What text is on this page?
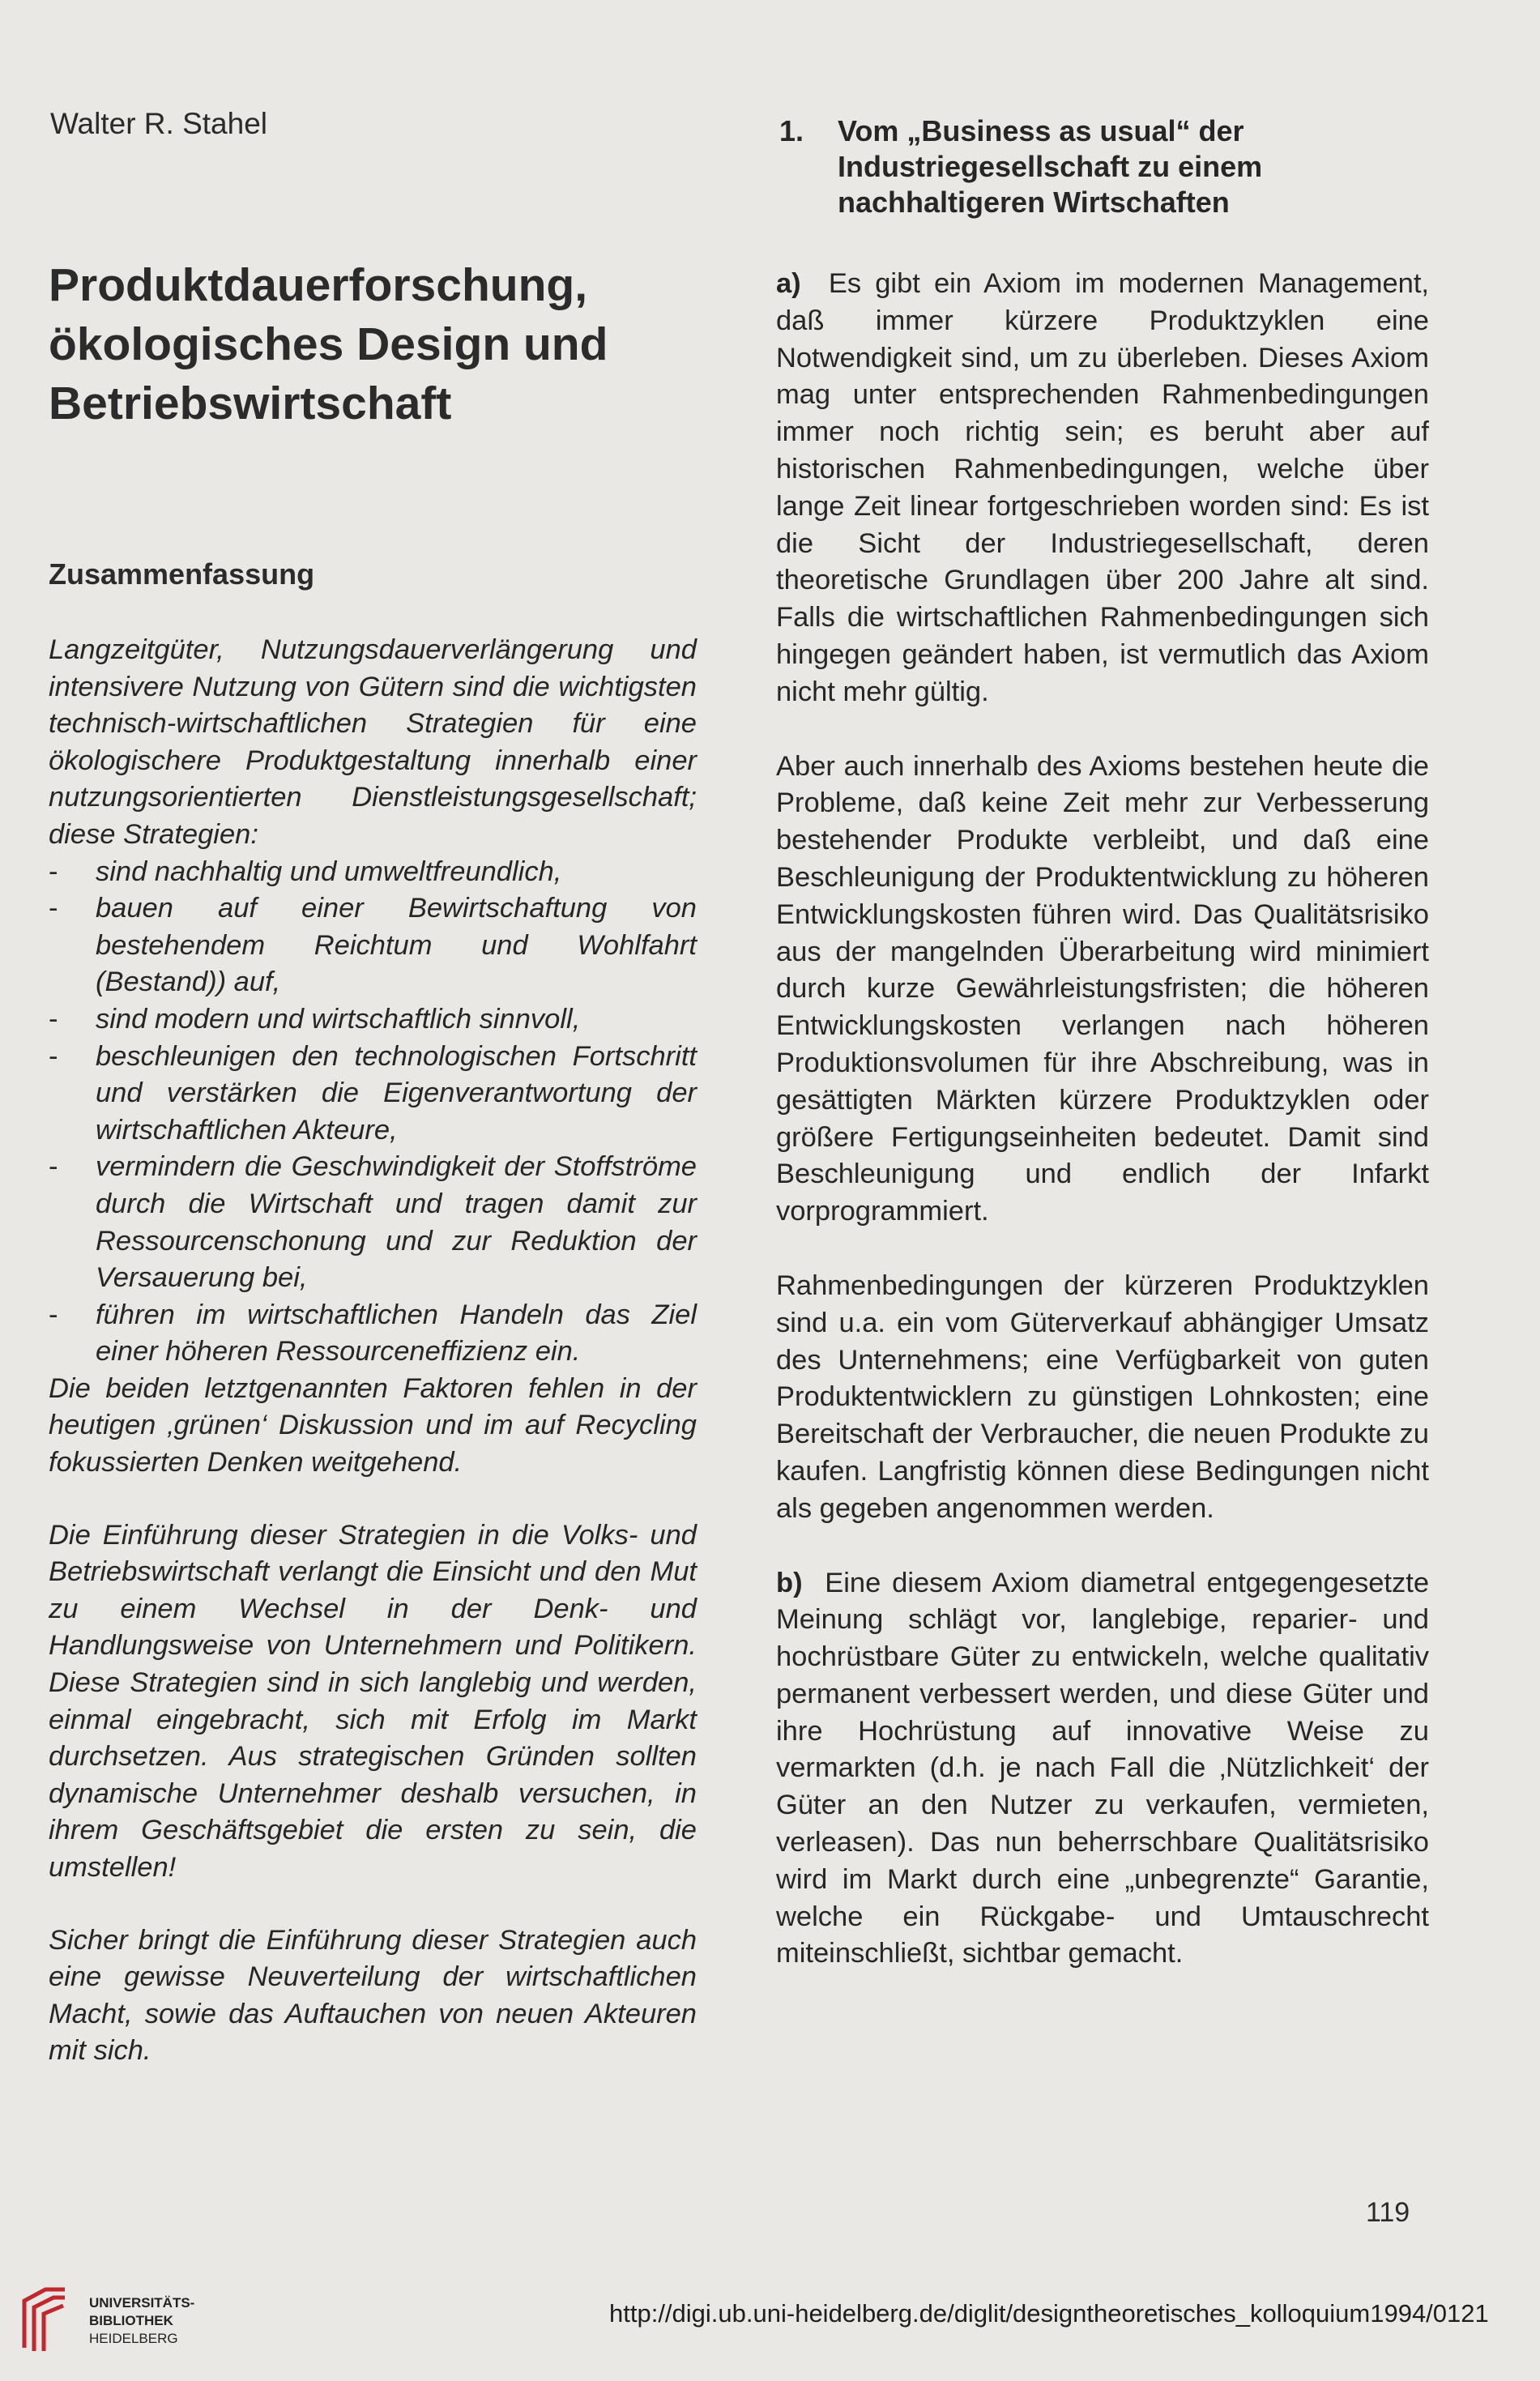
Walter R. Stahel
Produktdauerforschung,
ökologisches Design und
Betriebswirtschaft
Zusammenfassung

Langzeitgüter, Nutzungsdauerverlängerung und intensivere Nutzung von Gütern sind die wichtigsten technisch-wirtschaftlichen Strategien für eine ökologischere Produktgestaltung innerhalb einer nutzungsorientierten Dienstleistungsgesellschaft; diese Strategien:

- sind nachhaltig und umweltfreundlich,
- bauen auf einer Bewirtschaftung von bestehendem Reichtum und Wohlfahrt (Bestand)) auf,
- sind modern und wirtschaftlich sinnvoll,
- beschleunigen den technologischen Fortschritt und verstärken die Eigenverantwortung der wirtschaftlichen Akteure,
- vermindern die Geschwindigkeit der Stoffströme durch die Wirtschaft und tragen damit zur Ressourcenschonung und zur Reduktion der Versauerung bei,
- führen im wirtschaftlichen Handeln das Ziel einer höheren Ressourceneffizienz ein.

Die beiden letztgenannten Faktoren fehlen in der heutigen ‚grünen‘ Diskussion und im auf Recycling fokussierten Denken weitgehend.

Die Einführung dieser Strategien in die Volks- und Betriebswirtschaft verlangt die Einsicht und den Mut zu einem Wechsel in der Denk- und Handlungsweise von Unternehmern und Politikern. Diese Strategien sind in sich langlebig und werden, einmal eingebracht, sich mit Erfolg im Markt durchsetzen. Aus strategischen Gründen sollten dynamische Unternehmer deshalb versuchen, in ihrem Geschäftsgebiet die ersten zu sein, die umstellen!

Sicher bringt die Einführung dieser Strategien auch eine gewisse Neuverteilung der wirtschaftlichen Macht, sowie das Auftauchen von neuen Akteuren mit sich.

1. Vom „Business as usual“ der Industriegesellschaft zu einem nachhaltigeren Wirtschaften

a) Es gibt ein Axiom im modernen Management, daß immer kürzere Produktzyklen eine Notwendigkeit sind, um zu überleben. Dieses Axiom mag unter entsprechenden Rahmenbedingungen immer noch richtig sein; es beruht aber auf historischen Rahmenbedingungen, welche über lange Zeit linear fortgeschrieben worden sind: Es ist die Sicht der Industriegesellschaft, deren theoretische Grundlagen über 200 Jahre alt sind. Falls die wirtschaftlichen Rahmenbedingungen sich hingegen geändert haben, ist vermutlich das Axiom nicht mehr gültig.

Aber auch innerhalb des Axioms bestehen heute die Probleme, daß keine Zeit mehr zur Verbesserung bestehender Produkte verbleibt, und daß eine Beschleunigung der Produktentwicklung zu höheren Entwicklungskosten führen wird. Das Qualitätsrisiko aus der mangelnden Überarbeitung wird minimiert durch kurze Gewährleistungsfristen; die höheren Entwicklungskosten verlangen nach höheren Produktionsvolumen für ihre Abschreibung, was in gesättigten Märkten kürzere Produktzyklen oder größere Fertigungseinheiten bedeutet. Damit sind Beschleunigung und endlich der Infarkt vorprogrammiert.

Rahmenbedingungen der kürzeren Produktzyklen sind u.a. ein vom Güterverkauf abhängiger Umsatz des Unternehmens; eine Verfügbarkeit von guten Produktentwicklern zu günstigen Lohnkosten; eine Bereitschaft der Verbraucher, die neuen Produkte zu kaufen. Langfristig können diese Bedingungen nicht als gegeben angenommen werden.

b) Eine diesem Axiom diametral entgegengesetzte Meinung schlägt vor, langlebige, reparier- und hochrüstbare Güter zu entwickeln, welche qualitativ permanent verbessert werden, und diese Güter und ihre Hochrüstung auf innovative Weise zu vermarkten (d.h. je nach Fall die ‚Nützlichkeit‘ der Güter an den Nutzer zu verkaufen, vermieten, verleasen). Das nun beherrschbare Qualitätsrisiko wird im Markt durch eine „unbegrenzte“ Garantie, welche ein Rückgabe- und Umtauschrecht miteinschließt, sichtbar gemacht.

119
UNIVERSITÄTS-
BIBLIOTHEK
HEIDELBERG
http://digi.ub.uni-heidelberg.de/diglit/designtheoretisches_kolloquium1994/0121
